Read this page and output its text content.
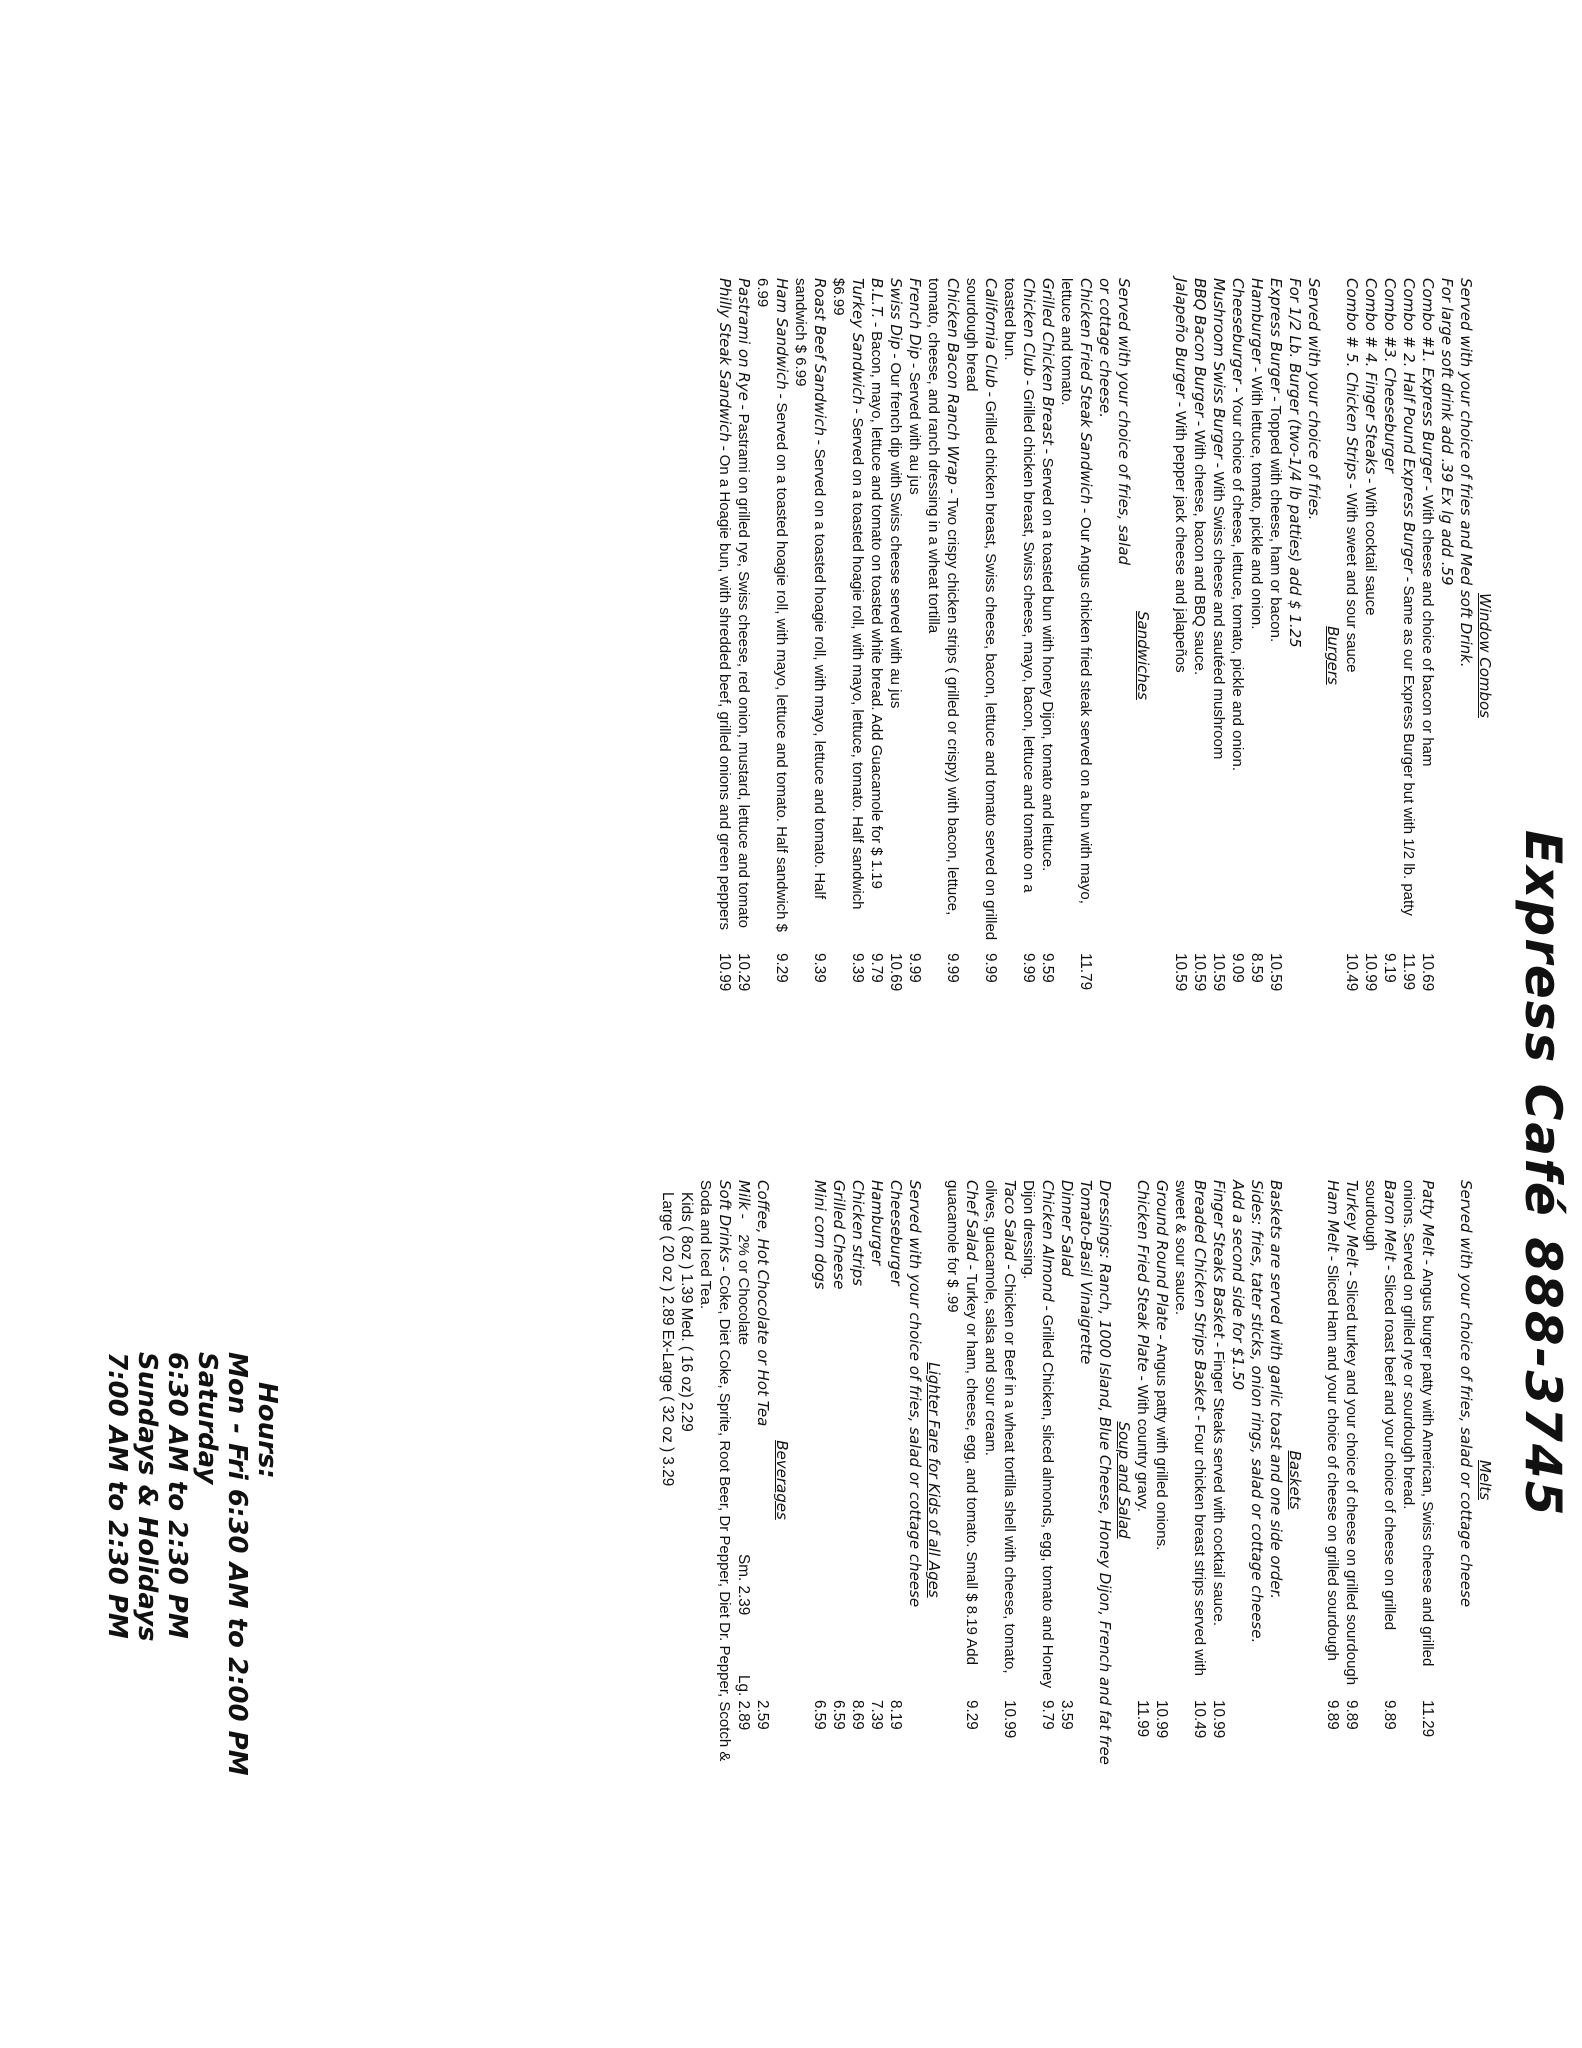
Express Café 888-3745
Window Combos
Served with your choice of fries and Med soft Drink.
For large soft drink add .39 Ex lg add .59
Combo #1. Express Burger - With cheese and choice of bacon or ham
10.69
Combo # 2. Half Pound Express Burger - Same as our Express Burger but with 1/2 lb. patty
11.99
Combo #3. Cheeseburger
9.19
Combo # 4. Finger Steaks - With cocktail sauce
10.99
Combo # 5. Chicken Strips - With sweet and sour sauce
10.49
Burgers
Served with your choice of fries.
For 1/2 Lb. Burger (two-1/4 lb patties) add $ 1.25
Express Burger - Topped with cheese, ham or bacon.
10.59
Hamburger - With lettuce, tomato, pickle and onion.
8.59
Cheeseburger - Your choice of cheese, lettuce, tomato, pickle and onion.
9.09
Mushroom Swiss Burger - With Swiss cheese and sautéed mushroom
10.59
BBQ Bacon Burger - With cheese, bacon and BBQ sauce.
10.59
Jalapeño Burger - With pepper jack cheese and jalapeños
10.59
Sandwiches
Served with your choice of fries, salad
or cottage cheese.
Chicken Fried Steak Sandwich - Our Angus chicken fried steak served on a bun with mayo, lettuce and tomato.
11.79
Grilled Chicken Breast - Served on a toasted bun with honey Dijon, tomato and lettuce.
9.59
Chicken Club - Grilled chicken breast, Swiss cheese, mayo, bacon, lettuce and tomato on a toasted bun.
9.99
California Club - Grilled chicken breast, Swiss cheese, bacon, lettuce and tomato served on grilled sourdough bread
9.99
Chicken Bacon Ranch Wrap - Two crispy chicken strips ( grilled or crispy) with bacon, lettuce, tomato, cheese, and ranch dressing in a wheat tortilla
9.99
French Dip - Served with au jus
9.99
Swiss Dip - Our french dip with Swiss cheese served with au jus
10.69
B.L.T. - Bacon, mayo, lettuce and tomato on toasted white bread. Add Guacamole for $ 1.19
9.79
Turkey Sandwich - Served on a toasted hoagie roll, with mayo, lettuce, tomato. Half sandwich $6.99
9.39
Roast Beef Sandwich - Served on a toasted hoagie roll, with mayo, lettuce and tomato. Half sandwich $ 6.99
9.39
Ham Sandwich - Served on a toasted hoagie roll, with mayo, lettuce and tomato. Half sandwich $ 6.99
9.29
Pastrami on Rye - Pastrami on grilled rye, Swiss cheese, red onion, mustard, lettuce and tomato
10.29
Philly Steak Sandwich - On a Hoagie bun, with shredded beef, grilled onions and green peppers
10.99
Melts
Served with your choice of fries, salad or cottage cheese
Patty Melt - Angus burger patty with American, Swiss cheese and grilled onions. Served on grilled rye or sourdough bread.
11.29
Baron Melt - Sliced roast beef and your choice of cheese on grilled sourdough
9.89
Turkey Melt - Sliced turkey and your choice of cheese on grilled sourdough
9.89
Ham Melt - Sliced Ham and your choice of cheese on grilled sourdough
9.89
Baskets
Baskets are served with garlic toast and one side order.
Sides: fries, tater sticks, onion rings, salad or cottage cheese.
Add a second side for $1.50
Finger Steaks Basket - Finger Steaks served with cocktail sauce.
10.99
Breaded Chicken Strips Basket - Four chicken breast strips served with sweet & sour sauce.
10.49
Ground Round Plate - Angus patty with grilled onions.
10.99
Chicken Fried Steak Plate - With country gravy.
11.99
Soup and Salad
Dressings: Ranch, 1000 Island, Blue Cheese, Honey Dijon, French and fat free Tomato-Basil Vinaigrette
Dinner Salad
3.59
Chicken Almond - Grilled Chicken, sliced almonds, egg, tomato and Honey Dijon dressing.
9.79
Taco Salad - Chicken or Beef in a wheat tortilla shell with cheese, tomato, olives, guacamole, salsa and sour cream.
10.99
Chef Salad - Turkey or ham, cheese, egg, and tomato. Small $ 8.19 Add guacamole for $ .99
9.29
Lighter Fare for Kids of all Ages
Served with your choice of fries, salad or cottage cheese
Cheeseburger
8.19
Hamburger
7.39
Chicken strips
8.69
Grilled Cheese
6.59
Mini corn dogs
6.59
Beverages
Coffee, Hot Chocolate or Hot Tea
2.59
Milk -    2% or Chocolate
Sm. 2.39
Lg. 2.89
Soft Drinks - Coke, Diet Coke, Sprite, Root Beer, Dr Pepper, Diet Dr. Pepper, Scotch & Soda and Iced Tea.
Kids ( 8oz ) 1.39 Med. ( 16 oz) 2.29
Large ( 20 oz ) 2.89 Ex-Large ( 32 oz ) 3.29
Hours:
Mon - Fri 6:30 AM to 2:00 PM
Saturday
6:30 AM to 2:30 PM
Sundays & Holidays
7:00 AM to 2:30 PM
